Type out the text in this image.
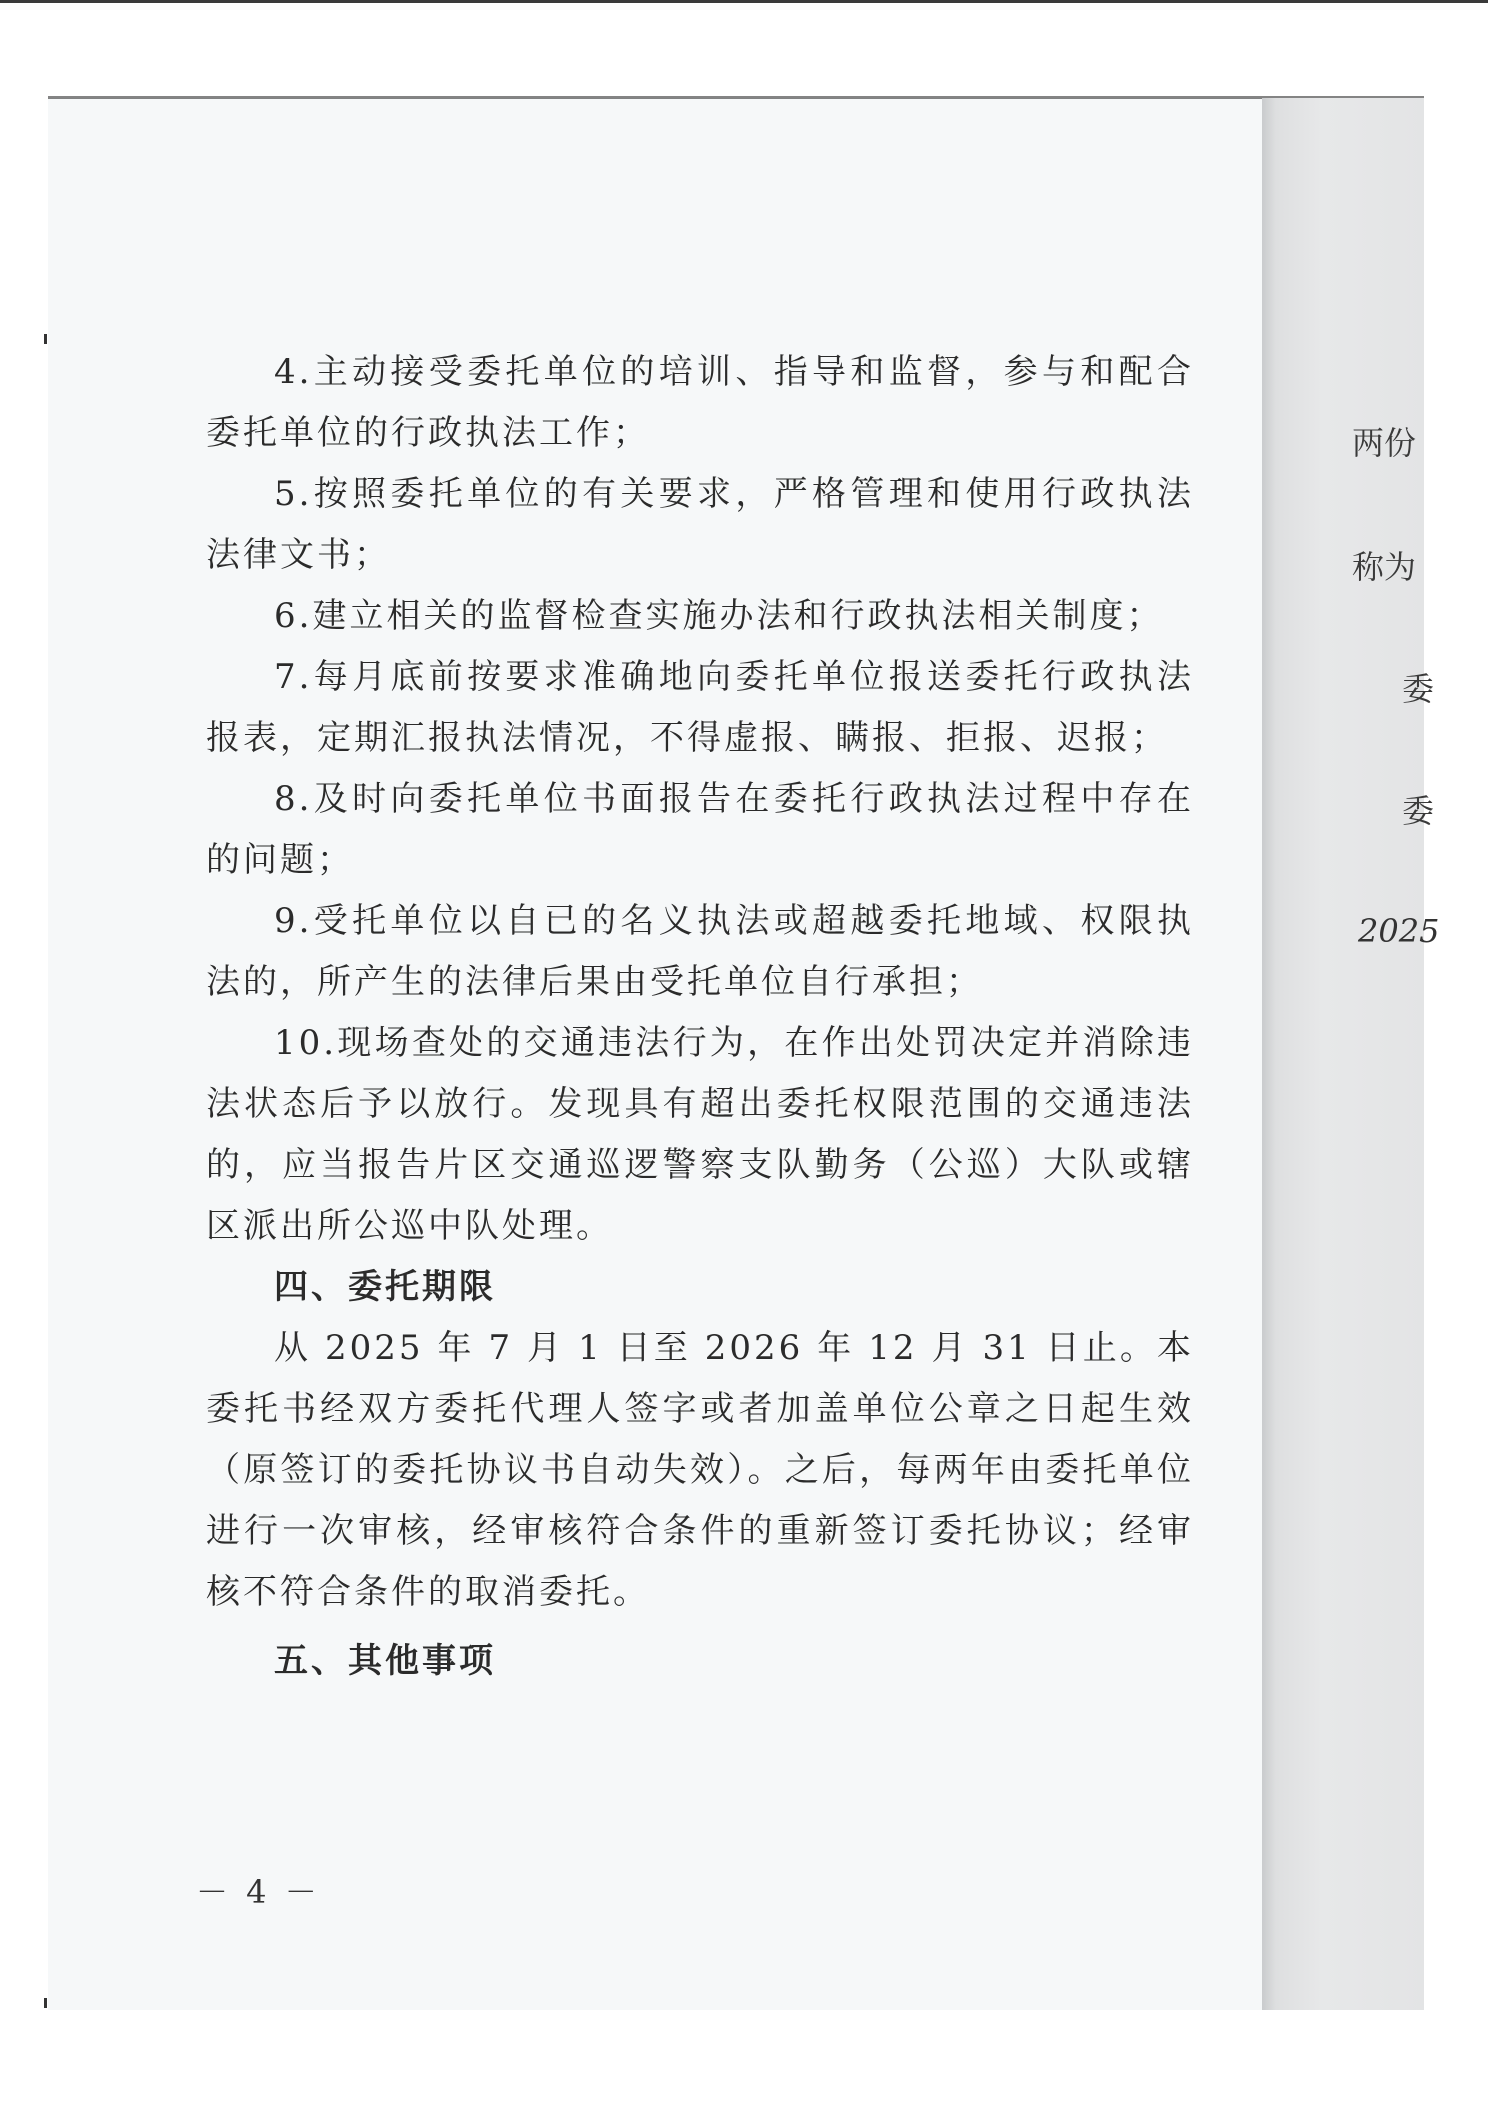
4.主动接受委托单位的培训、指导和监督，参与和配合委托单位的行政执法工作；

5.按照委托单位的有关要求，严格管理和使用行政执法法律文书；

6.建立相关的监督检查实施办法和行政执法相关制度；

7.每月底前按要求准确地向委托单位报送委托行政执法报表，定期汇报执法情况，不得虚报、瞒报、拒报、迟报；

8.及时向委托单位书面报告在委托行政执法过程中存在的问题；

9.受托单位以自已的名义执法或超越委托地域、权限执法的，所产生的法律后果由受托单位自行承担；

10.现场查处的交通违法行为，在作出处罚决定并消除违法状态后予以放行。发现具有超出委托权限范围的交通违法的，应当报告片区交通巡逻警察支队勤务（公巡）大队或辖区派出所公巡中队处理。

四、委托期限

从 2025 年 7 月 1 日至 2026 年 12 月 31 日止。本委托书经双方委托代理人签字或者加盖单位公章之日起生效（原签订的委托协议书自动失效）。之后，每两年由委托单位进行一次审核，经审核符合条件的重新签订委托协议；经审核不符合条件的取消委托。

五、其他事项

两份
称为
委
委
2025
－ 4 －
